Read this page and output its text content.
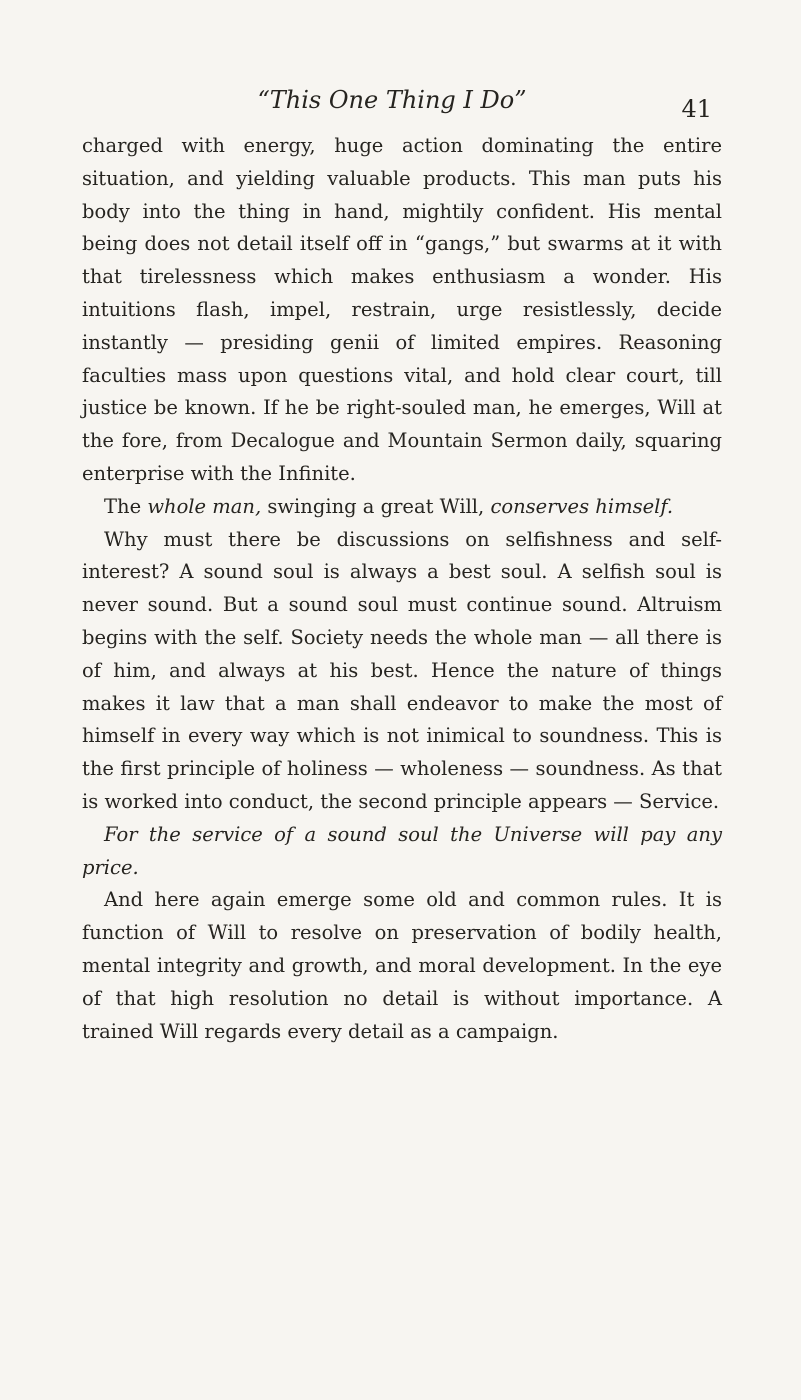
“This One Thing I Do”	41

charged with energy, huge action dominating the entire situation, and yielding valuable products. This man puts his body into the thing in hand, mightily confident. His mental being does not detail itself off in “gangs,” but swarms at it with that tirelessness which makes enthusiasm a wonder. His intuitions flash, impel, restrain, urge resistlessly, decide instantly — presiding genii of limited empires. Reasoning faculties mass upon questions vital, and hold clear court, till justice be known. If he be right-souled man, he emerges, Will at the fore, from Decalogue and Mountain Sermon daily, squaring enterprise with the Infinite.

The whole man, swinging a great Will, conserves himself.

Why must there be discussions on selfishness and self-interest? A sound soul is always a best soul. A selfish soul is never sound. But a sound soul must continue sound. Altruism begins with the self. Society needs the whole man — all there is of him, and always at his best. Hence the nature of things makes it law that a man shall endeavor to make the most of himself in every way which is not inimical to soundness. This is the first principle of holiness — wholeness — soundness. As that is worked into conduct, the second principle appears — Service.

For the service of a sound soul the Universe will pay any price.

And here again emerge some old and common rules. It is function of Will to resolve on preservation of bodily health, mental integrity and growth, and moral development. In the eye of that high resolution no detail is without importance. A trained Will regards every detail as a campaign.
